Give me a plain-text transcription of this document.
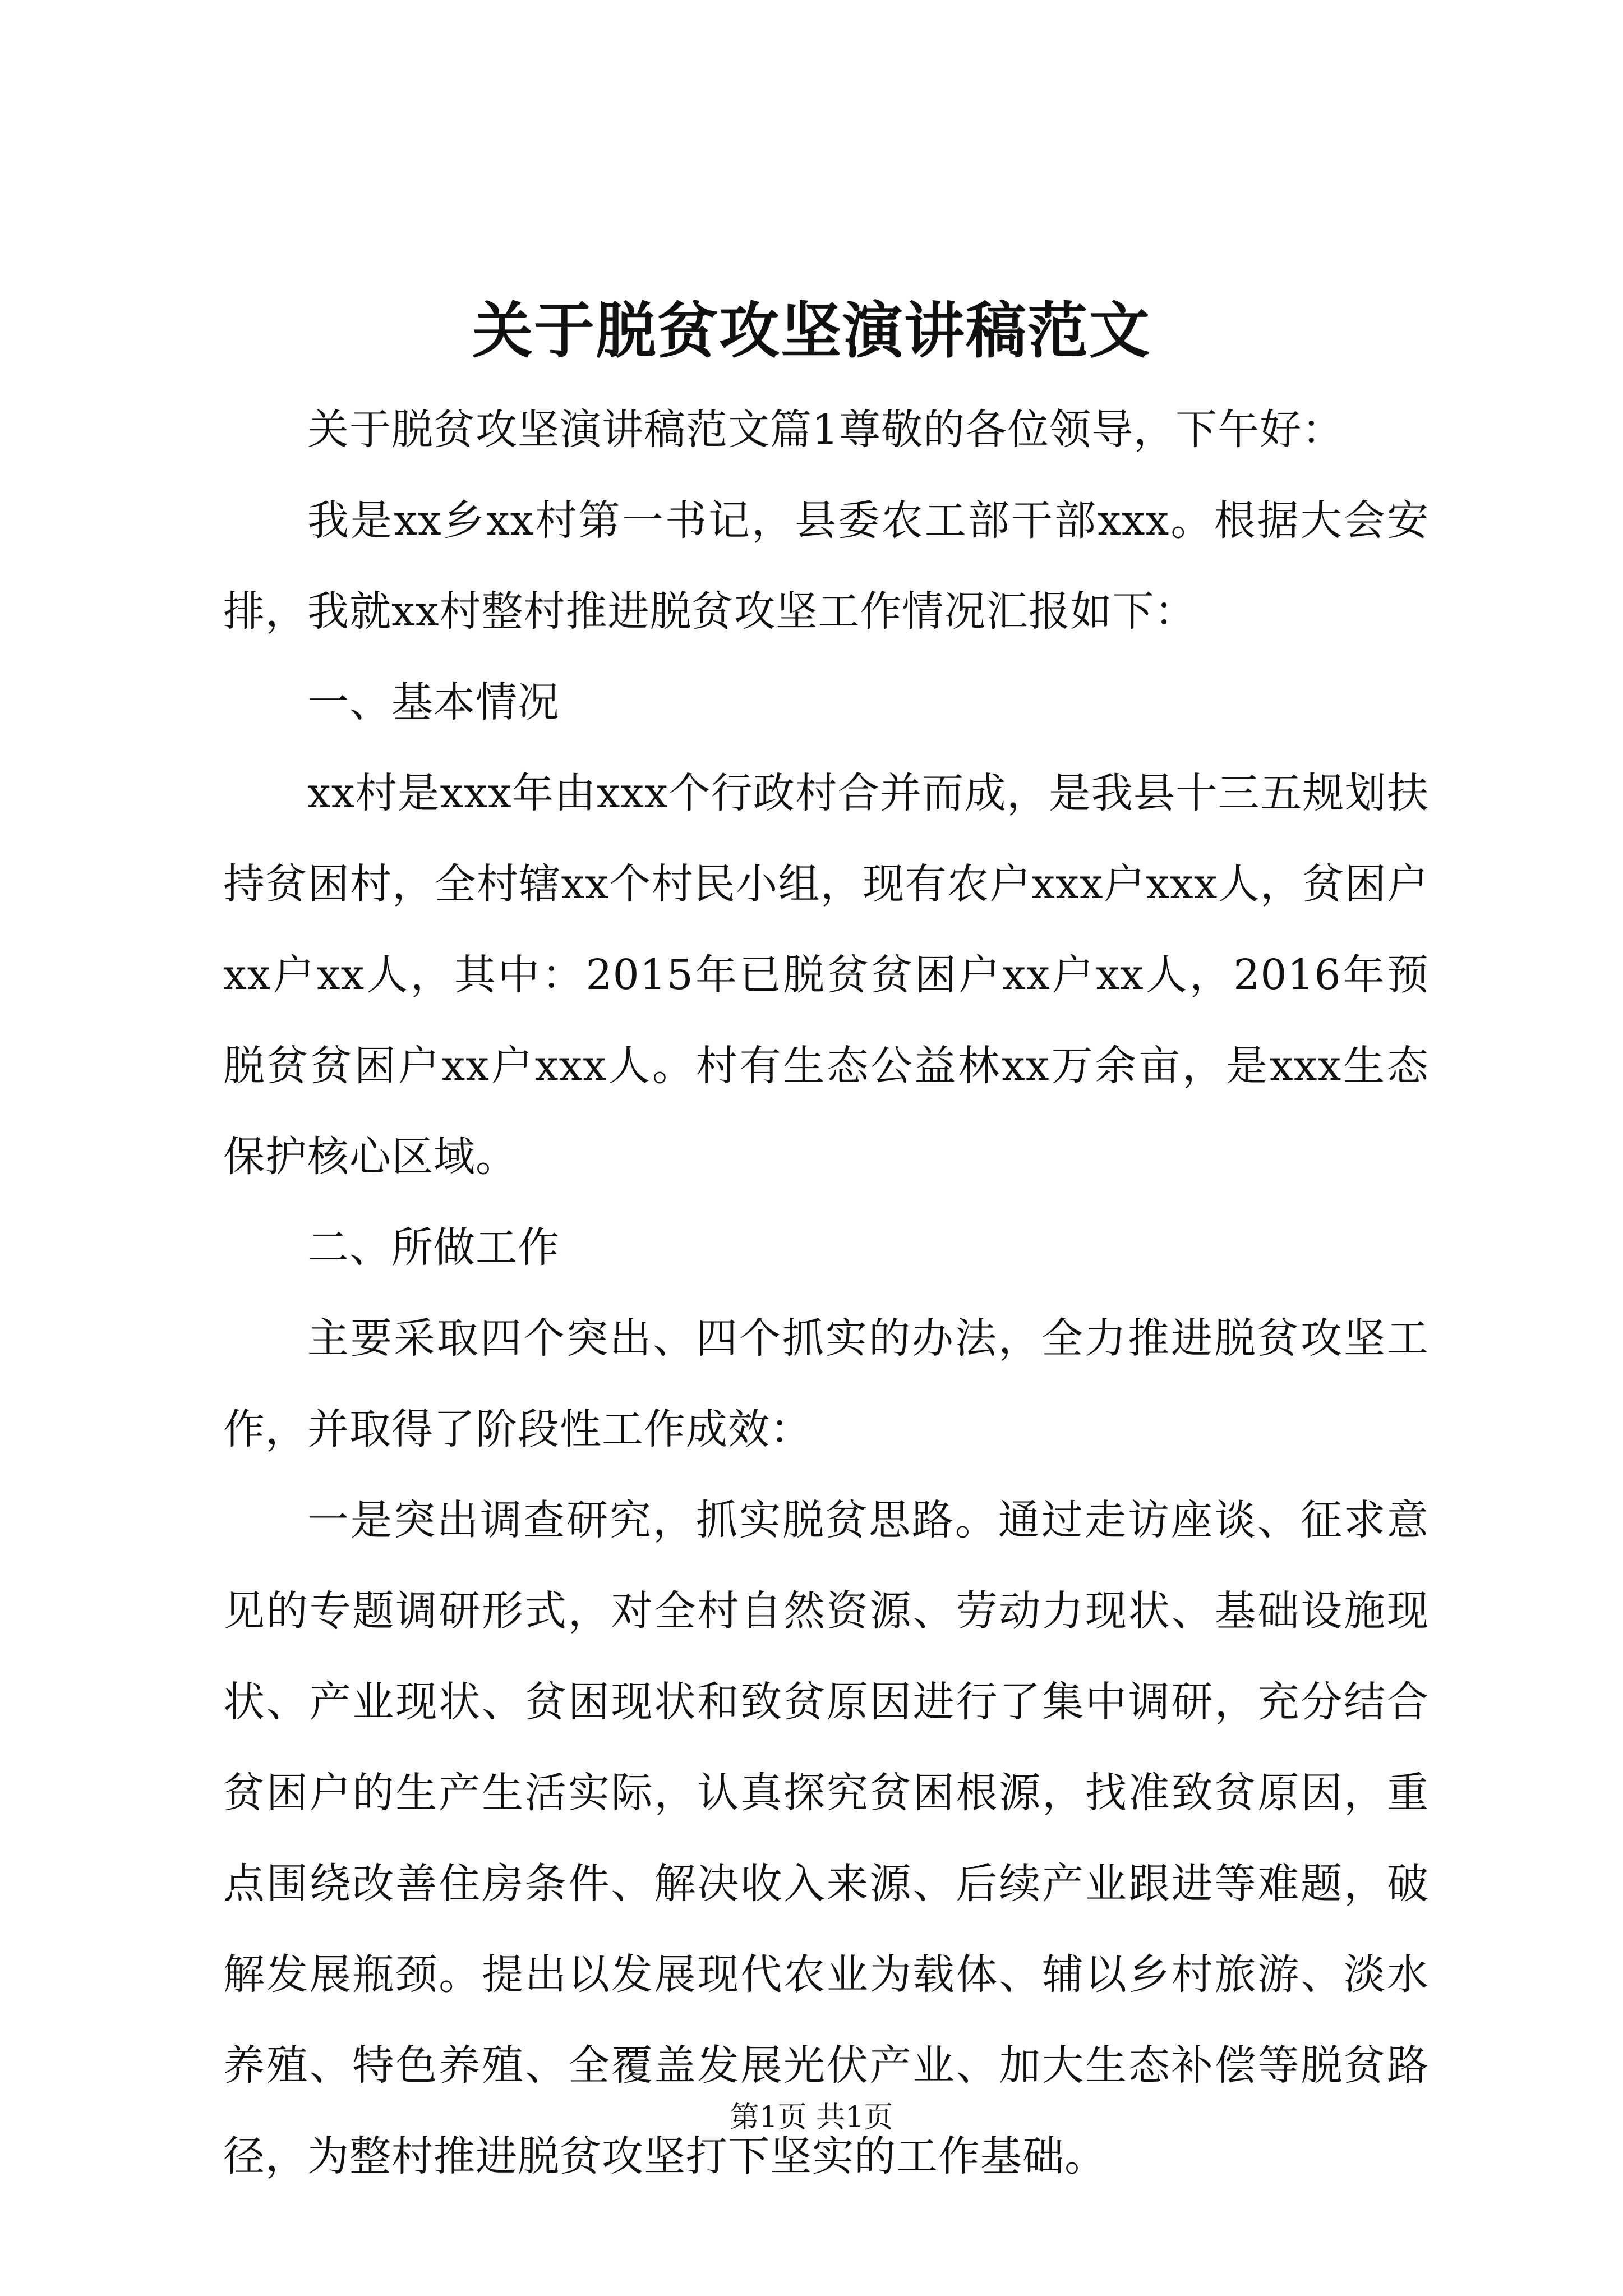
关于脱贫攻坚演讲稿范文

关于脱贫攻坚演讲稿范文篇1尊敬的各位领导，下午好：

我是xx乡xx村第一书记，县委农工部干部xxx。根据大会安排，我就xx村整村推进脱贫攻坚工作情况汇报如下：

一、基本情况

xx村是xxx年由xxx个行政村合并而成，是我县十三五规划扶持贫困村，全村辖xx个村民小组，现有农户xxx户xxx人，贫困户xx户xx人，其中：2015年已脱贫贫困户xx户xx人，2016年预脱贫贫困户xx户xxx人。村有生态公益林xx万余亩，是xxx生态保护核心区域。

二、所做工作

主要采取四个突出、四个抓实的办法，全力推进脱贫攻坚工作，并取得了阶段性工作成效：

一是突出调查研究，抓实脱贫思路。通过走访座谈、征求意见的专题调研形式，对全村自然资源、劳动力现状、基础设施现状、产业现状、贫困现状和致贫原因进行了集中调研，充分结合贫困户的生产生活实际，认真探究贫困根源，找准致贫原因，重点围绕改善住房条件、解决收入来源、后续产业跟进等难题，破解发展瓶颈。提出以发展现代农业为载体、辅以乡村旅游、淡水养殖、特色养殖、全覆盖发展光伏产业、加大生态补偿等脱贫路径，为整村推进脱贫攻坚打下坚实的工作基础。

第1页 共1页
